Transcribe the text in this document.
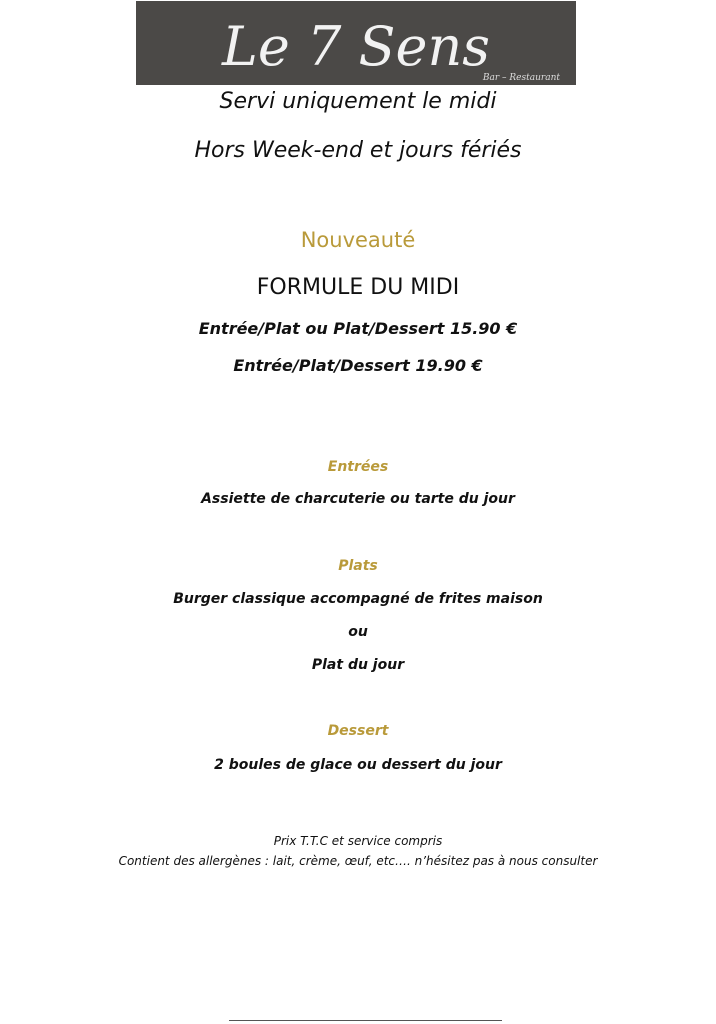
Le 7 Sens
Bar – Restaurant
Servi uniquement le midi
Hors Week-end et jours fériés
Nouveauté
FORMULE DU MIDI
Entrée/Plat ou Plat/Dessert 15.90 €
Entrée/Plat/Dessert 19.90 €
Entrées
Assiette de charcuterie ou tarte du jour
Plats
Burger classique accompagné de frites maison
ou
Plat du jour
Dessert
2 boules de glace ou dessert du jour
Prix T.T.C et service compris
Contient des allergènes : lait, crème, œuf, etc…. n’hésitez pas à nous consulter
